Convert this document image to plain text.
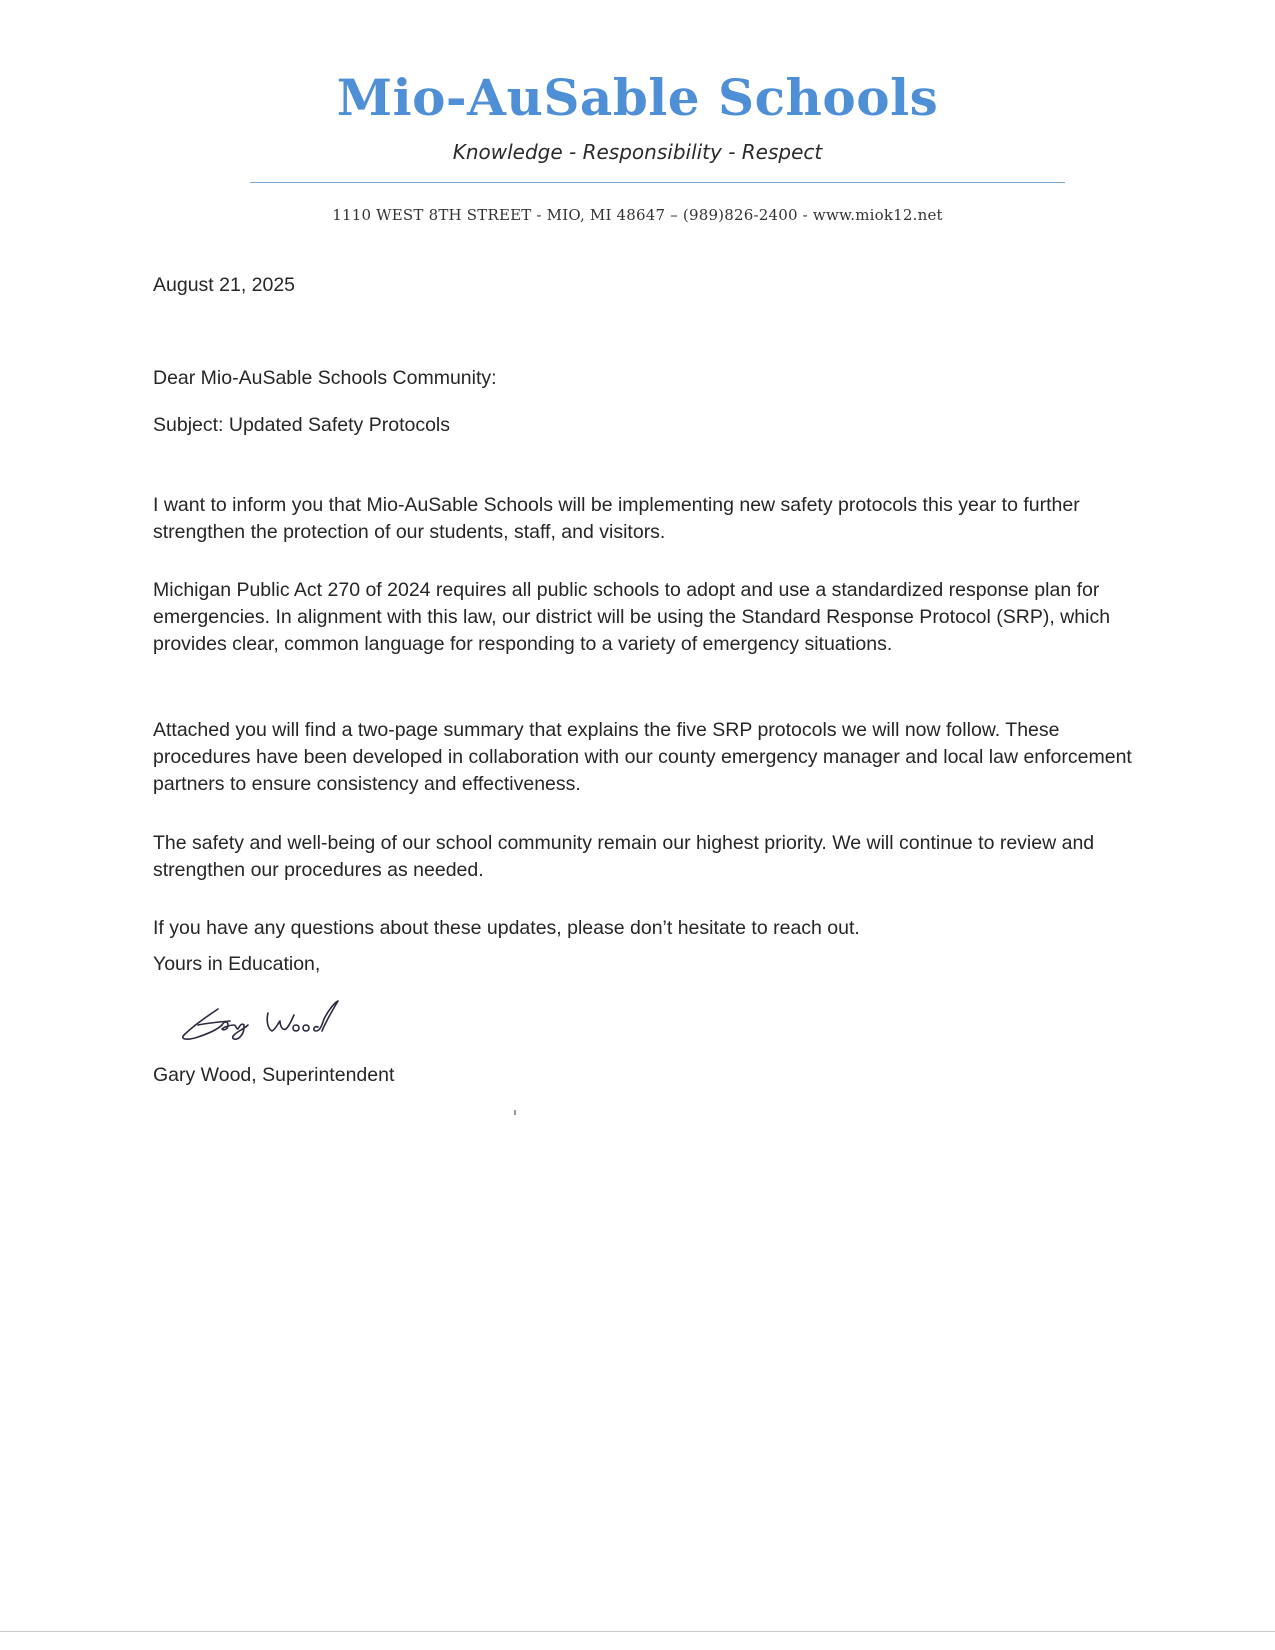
Mio-AuSable Schools
Knowledge - Responsibility - Respect
1110 WEST 8TH STREET - MIO, MI 48647 – (989)826-2400 - www.miok12.net
August 21, 2025
Dear Mio-AuSable Schools Community:
Subject: Updated Safety Protocols

I want to inform you that Mio-AuSable Schools will be implementing new safety protocols this year to further strengthen the protection of our students, staff, and visitors.

Michigan Public Act 270 of 2024 requires all public schools to adopt and use a standardized response plan for emergencies. In alignment with this law, our district will be using the Standard Response Protocol (SRP), which provides clear, common language for responding to a variety of emergency situations.

Attached you will find a two-page summary that explains the five SRP protocols we will now follow. These procedures have been developed in collaboration with our county emergency manager and local law enforcement partners to ensure consistency and effectiveness.

The safety and well-being of our school community remain our highest priority. We will continue to review and strengthen our procedures as needed.

If you have any questions about these updates, please don’t hesitate to reach out.

Yours in Education,
Gary Wood, Superintendent
